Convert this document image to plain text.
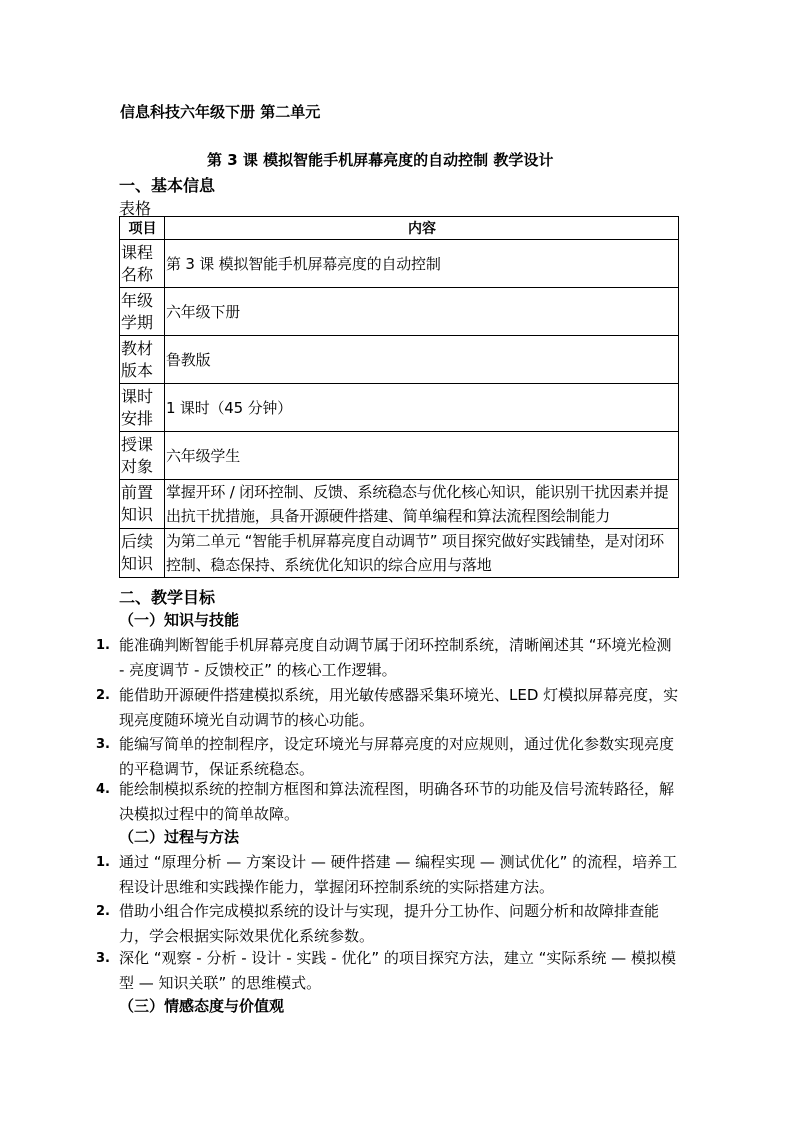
信息科技六年级下册 第二单元
第 3 课 模拟智能手机屏幕亮度的自动控制 教学设计
一、基本信息
表格
项目	内容
课程名称	第 3 课 模拟智能手机屏幕亮度的自动控制
年级学期	六年级下册
教材版本	鲁教版
课时安排	1 课时（45 分钟）
授课对象	六年级学生
前置知识	掌握开环 / 闭环控制、反馈、系统稳态与优化核心知识，能识别干扰因素并提出抗干扰措施，具备开源硬件搭建、简单编程和算法流程图绘制能力
后续知识	为第二单元 “智能手机屏幕亮度自动调节” 项目探究做好实践铺垫，是对闭环控制、稳态保持、系统优化知识的综合应用与落地
二、教学目标
（一）知识与技能
1. 能准确判断智能手机屏幕亮度自动调节属于闭环控制系统，清晰阐述其 “环境光检测 - 亮度调节 - 反馈校正” 的核心工作逻辑。
2. 能借助开源硬件搭建模拟系统，用光敏传感器采集环境光、LED 灯模拟屏幕亮度，实现亮度随环境光自动调节的核心功能。
3. 能编写简单的控制程序，设定环境光与屏幕亮度的对应规则，通过优化参数实现亮度的平稳调节，保证系统稳态。
4. 能绘制模拟系统的控制方框图和算法流程图，明确各环节的功能及信号流转路径，解决模拟过程中的简单故障。
（二）过程与方法
1. 通过 “原理分析 — 方案设计 — 硬件搭建 — 编程实现 — 测试优化” 的流程，培养工程设计思维和实践操作能力，掌握闭环控制系统的实际搭建方法。
2. 借助小组合作完成模拟系统的设计与实现，提升分工协作、问题分析和故障排查能力，学会根据实际效果优化系统参数。
3. 深化 “观察 - 分析 - 设计 - 实践 - 优化” 的项目探究方法，建立 “实际系统 — 模拟模型 — 知识关联” 的思维模式。
（三）情感态度与价值观
